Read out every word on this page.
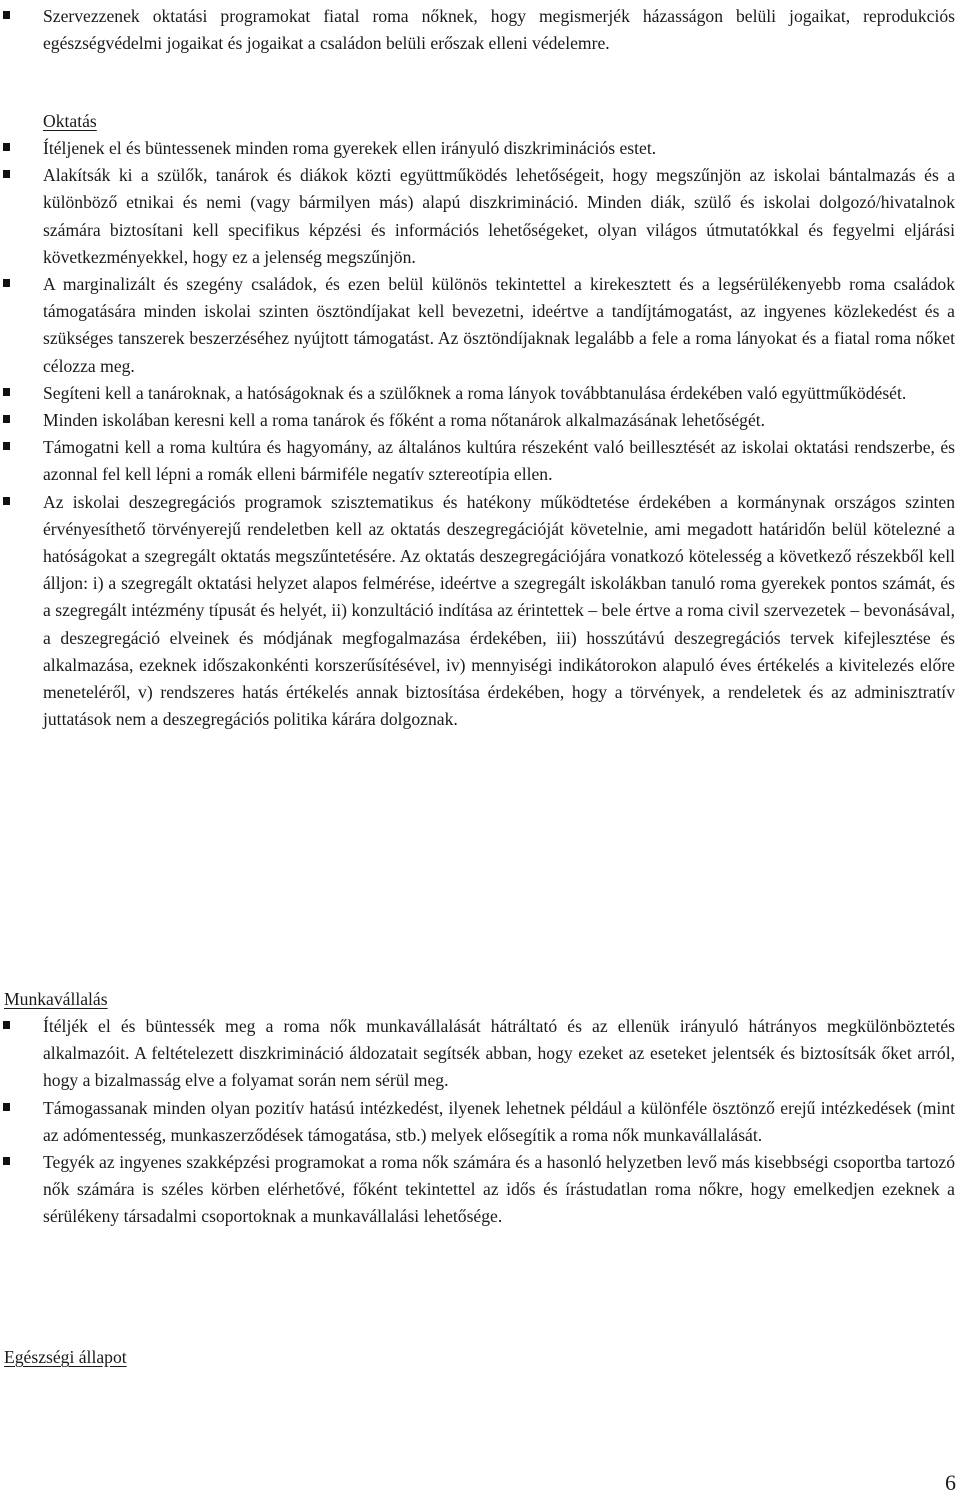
Szervezzenek oktatási programokat fiatal roma nőknek, hogy megismerjék házasságon belüli jogaikat, reprodukciós egészségvédelmi jogaikat és jogaikat a családon belüli erőszak elleni védelemre.
Oktatás
Ítéljenek el és büntessenek minden roma gyerekek ellen irányuló diszkriminációs estet.
Alakítsák ki a szülők, tanárok és diákok közti együttműködés lehetőségeit, hogy megszűnjön az iskolai bántalmazás és a különböző etnikai és nemi (vagy bármilyen más) alapú diszkrimináció. Minden diák, szülő és iskolai dolgozó/hivatalnok számára biztosítani kell specifikus képzési és információs lehetőségeket, olyan világos útmutatókkal és fegyelmi eljárási következményekkel, hogy ez a jelenség megszűnjön.
A marginalizált és szegény családok, és ezen belül különös tekintettel a kirekesztett és a legsérülékenyebb roma családok támogatására minden iskolai szinten ösztöndíjakat kell bevezetni, ideértve a tandíjtámogatást, az ingyenes közlekedést és a szükséges tanszerek beszerzéséhez nyújtott támogatást. Az ösztöndíjaknak legalább a fele a roma lányokat és a fiatal roma nőket célozza meg.
Segíteni kell a tanároknak, a hatóságoknak és a szülőknek a roma lányok továbbtanulása érdekében való együttműködését.
Minden iskolában keresni kell a roma tanárok és főként a roma nőtanárok alkalmazásának lehetőségét.
Támogatni kell a roma kultúra és hagyomány, az általános kultúra részeként való beillesztését az iskolai oktatási rendszerbe, és azonnal fel kell lépni a romák elleni bármiféle negatív sztereotípia ellen.
Az iskolai deszegregációs programok szisztematikus és hatékony működtetése érdekében a kormánynak országos szinten érvényesíthető törvényerejű rendeletben kell az oktatás deszegregációját követelnie, ami megadott határidőn belül kötelezné a hatóságokat a szegregált oktatás megszűntetésére. Az oktatás deszegregációjára vonatkozó kötelesség a következő részekből kell álljon: i) a szegregált oktatási helyzet alapos felmérése, ideértve a szegregált iskolákban tanuló roma gyerekek pontos számát, és a szegregált intézmény típusát és helyét, ii) konzultáció indítása az érintettek – bele értve a roma civil szervezetek – bevonásával, a deszegregáció elveinek és módjának megfogalmazása érdekében, iii) hosszútávú deszegregációs tervek kifejlesztése és alkalmazása, ezeknek időszakonkénti korszerűsítésével, iv) mennyiségi indikátorokon alapuló éves értékelés a kivitelezés előre meneteléről, v) rendszeres hatás értékelés annak biztosítása érdekében, hogy a törvények, a rendeletek és az adminisztratív juttatások nem a deszegregációs politika kárára dolgoznak.
Munkavállalás
Ítéljék el és büntessék meg a roma nők munkavállalását hátráltató és az ellenük irányuló hátrányos megkülönböztetés alkalmazóit. A feltételezett diszkrimináció áldozatait segítsék abban, hogy ezeket az eseteket jelentsék és biztosítsák őket arról, hogy a bizalmasság elve a folyamat során nem sérül meg.
Támogassanak minden olyan pozitív hatású intézkedést, ilyenek lehetnek például a különféle ösztönző erejű intézkedések (mint az adómentesség, munkaszerződések támogatása, stb.) melyek elősegítik a roma nők munkavállalását.
Tegyék az ingyenes szakképzési programokat a roma nők számára és a hasonló helyzetben levő más kisebbségi csoportba tartozó nők számára is széles körben elérhetővé, főként tekintettel az idős és írástudatlan roma nőkre, hogy emelkedjen ezeknek a sérülékeny társadalmi csoportoknak a munkavállalási lehetősége.
Egészségi állapot
6
